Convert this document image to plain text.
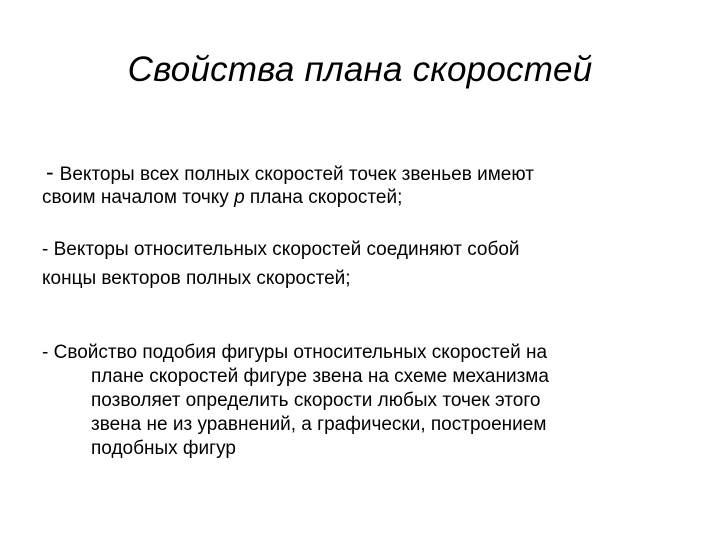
Свойства плана скоростей
- Векторы всех полных скоростей точек звеньев имеют
своим началом точку p плана скоростей;
- Векторы относительных скоростей соединяют собой
концы векторов полных скоростей;
- Свойство подобия фигуры относительных скоростей на
плане скоростей фигуре звена на схеме механизма
позволяет определить скорости любых точек этого
звена не из уравнений, а графически, построением
подобных фигур
